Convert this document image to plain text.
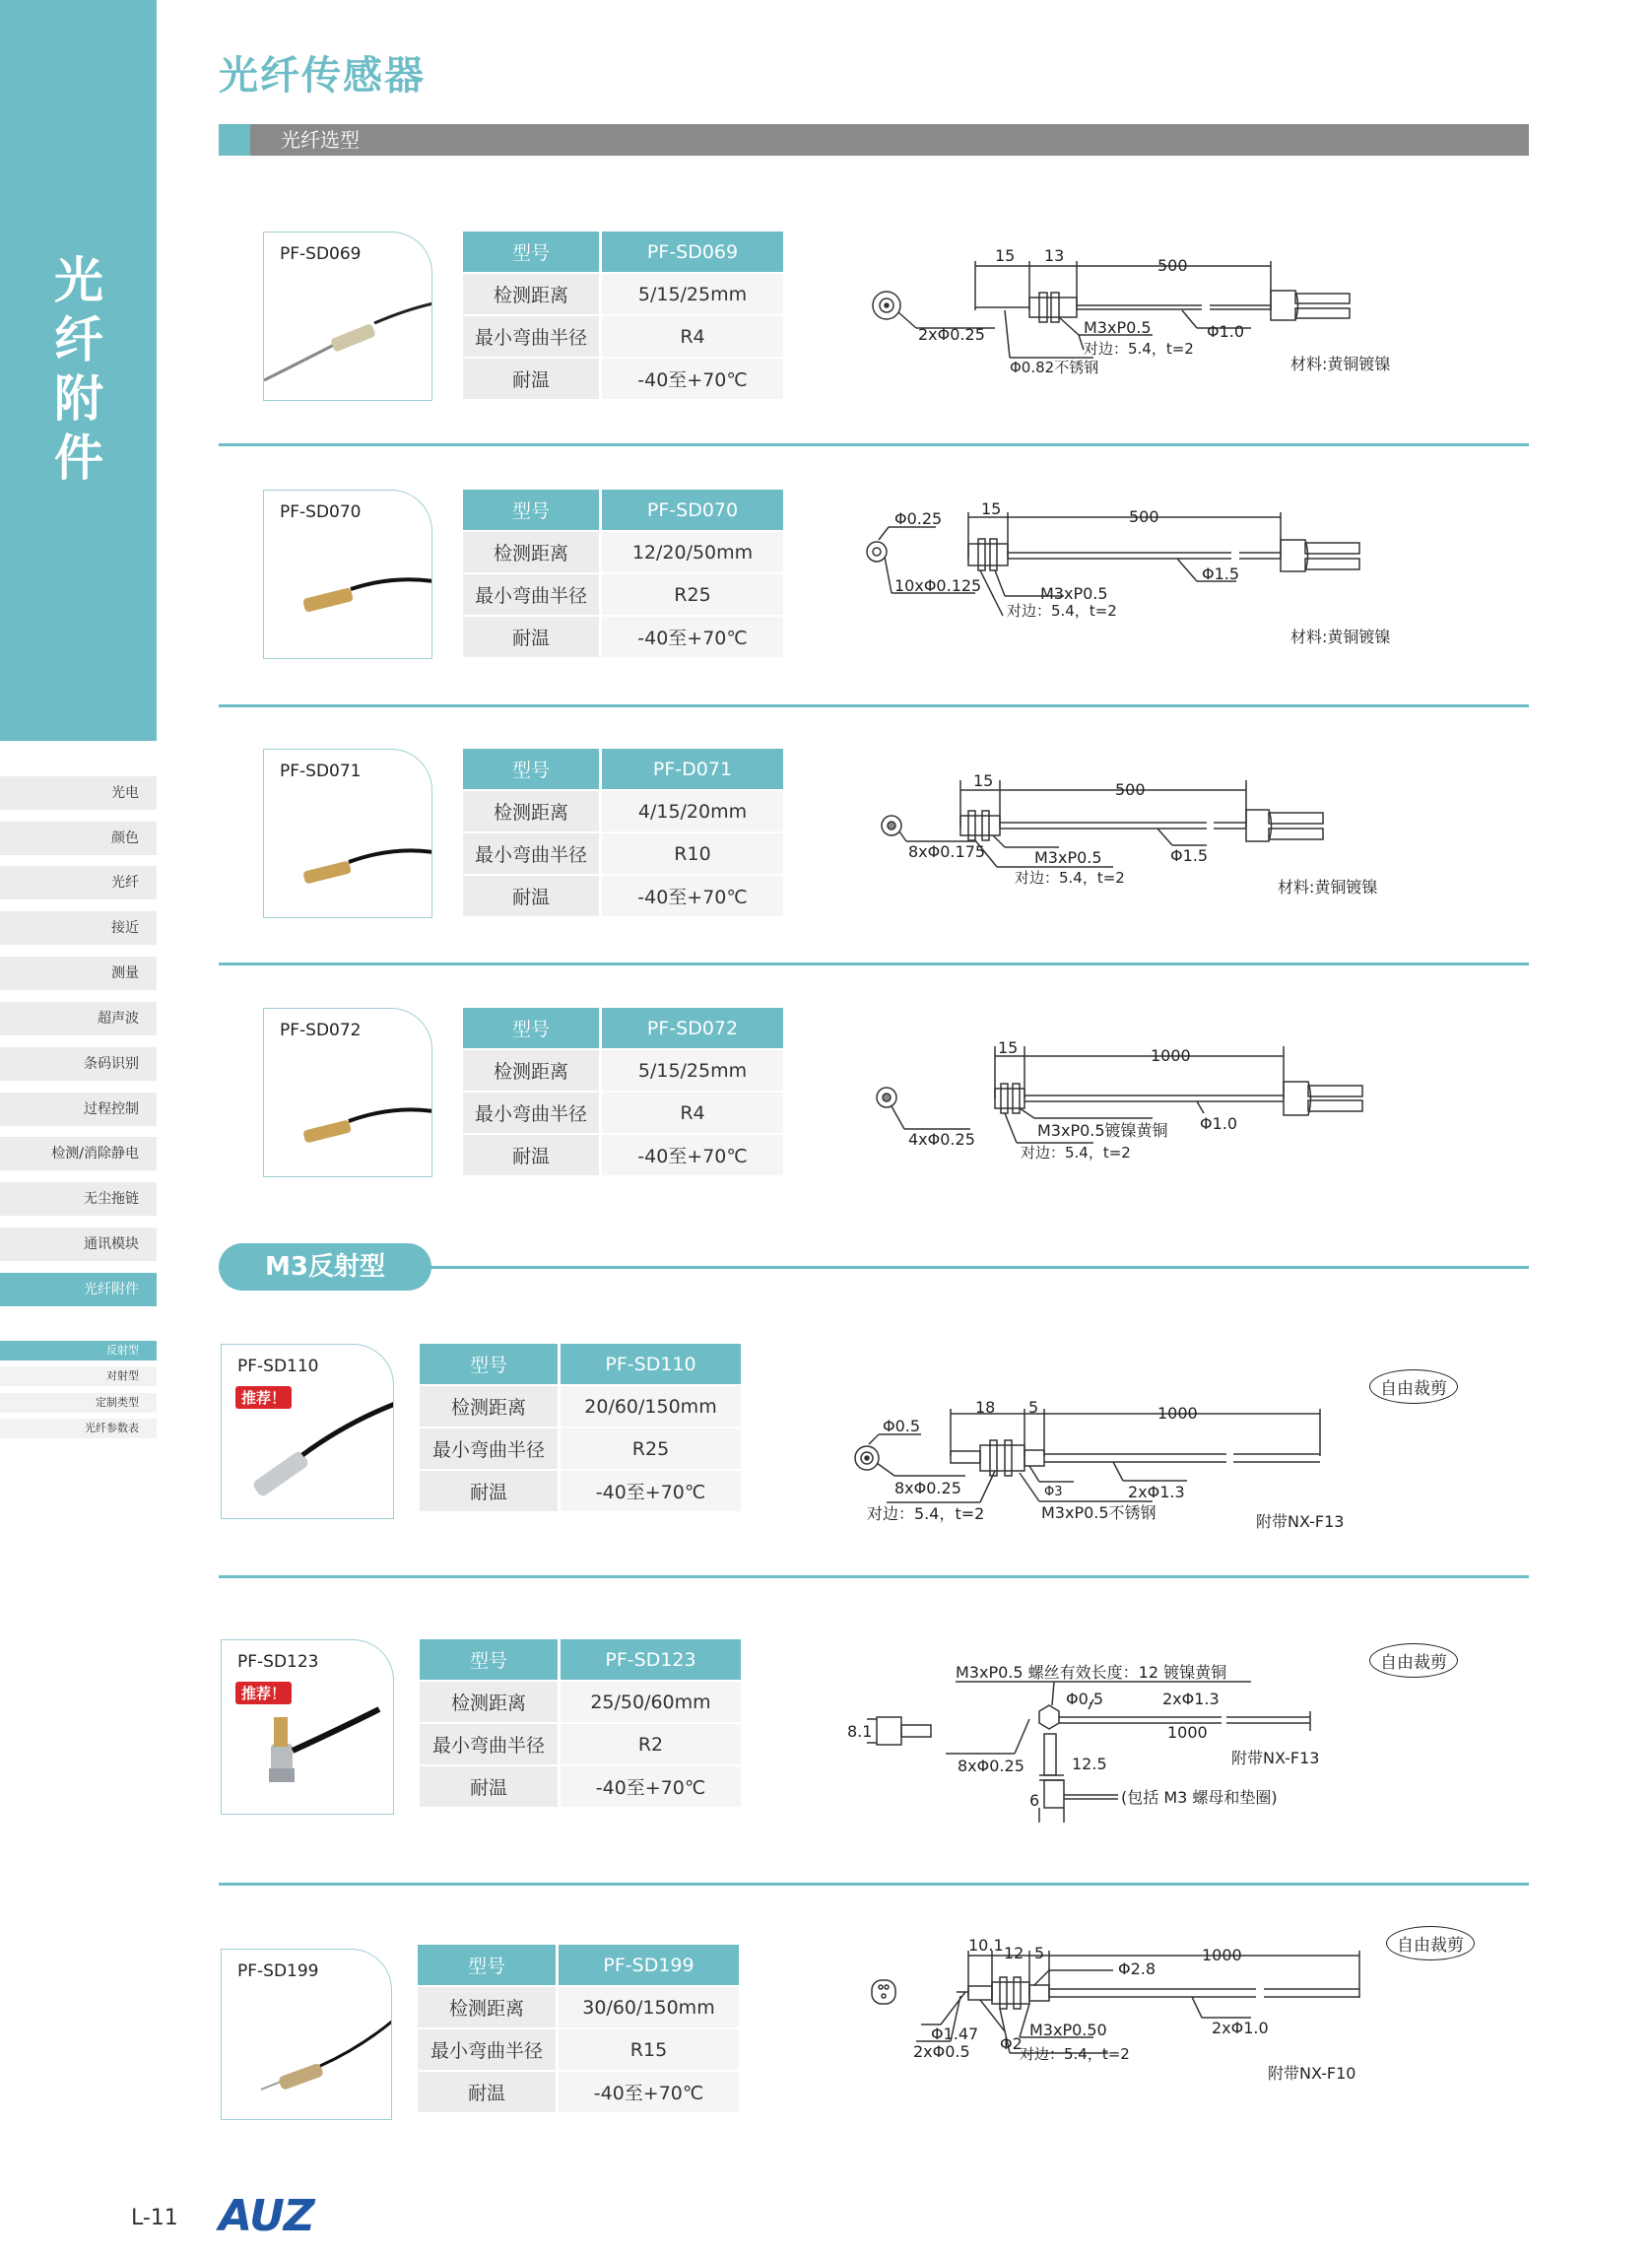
光
纤
附
件
光电
颜色
光纤
接近
测量
超声波
条码识别
过程控制
检测/消除静电
无尘拖链
通讯模块
光纤附件
反射型
对射型
定制类型
光纤参数表
光纤传感器
光纤选型
PF-SD069	型号	PF-SD069
检测距离	5/15/25mm
最小弯曲半径	R4
耐温	-40至+70℃
15 13
500
2xΦ0.25
Φ0.82不锈钢
M3xP0.5
对边：5.4，t=2
Φ1.0
材料:黄铜镀镍
PF-SD070	型号	PF-SD070
检测距离	12/20/50mm
最小弯曲半径	R25
耐温	-40至+70℃
Φ0.25
15	500
10xΦ0.125	M3xP0.5
对边：5.4，t=2
Φ1.5
材料:黄铜镀镍
PF-SD071	型号	PF-D071
检测距离	4/15/20mm
最小弯曲半径	R10
耐温	-40至+70℃
15	500
8xΦ0.175	M3xP0.5
对边：5.4，t=2
Φ1.5
材料:黄铜镀镍
PF-SD072	型号	PF-SD072
检测距离	5/15/25mm
最小弯曲半径	R4
耐温	-40至+70℃
15	1000
4xΦ0.25	M3xP0.5镀镍黄铜 Φ1.0
对边：5.4，t=2
M3反射型
PF-SD110
推荐！
型号	PF-SD110
检测距离	20/60/150mm
最小弯曲半径	R25
耐温	-40至+70℃
自由裁剪
18 5	1000
Φ0.5
8xΦ0.25
对边：5.4，t=2
Φ3	2xΦ1.3
M3xP0.5不锈钢	附带NX-F13
PF-SD123
推荐！
型号	PF-SD123
检测距离	25/50/60mm
最小弯曲半径	R2
耐温	-40至+70℃
自由裁剪
8.1
M3xP0.5 螺丝有效长度：12 镀镍黄铜
Φ0.5	2xΦ1.3
1000
8xΦ0.25	12.5
6	(包括 M3 螺母和垫圈)
附带NX-F13
PF-SD199	型号	PF-SD199
检测距离	30/60/150mm
最小弯曲半径	R15
耐温	-40至+70℃
自由裁剪
10.1 12 5	1000
Φ2.8
Φ1.47
2xΦ0.5 Φ2
M3xP0.50
对边：5.4，t=2
2xΦ1.0
附带NX-F10
L-11 AUZ
